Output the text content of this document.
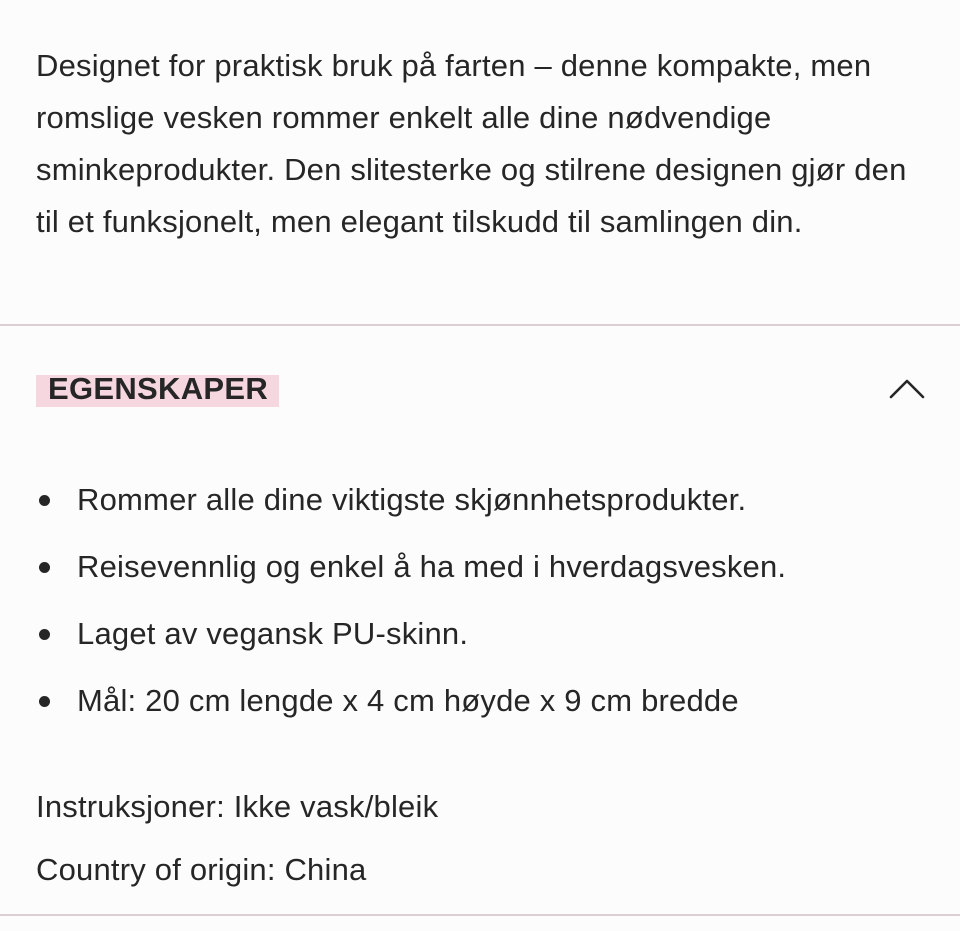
Designet for praktisk bruk på farten – denne kompakte, men romslige vesken rommer enkelt alle dine nødvendige sminkeprodukter. Den slitesterke og stilrene designen gjør den til et funksjonelt, men elegant tilskudd til samlingen din.

EGENSKAPER
Rommer alle dine viktigste skjønnhetsprodukter.
Reisevennlig og enkel å ha med i hverdagsvesken.
Laget av vegansk PU-skinn.
Mål: 20 cm lengde x 4 cm høyde x 9 cm bredde
Instruksjoner: Ikke vask/bleik
Country of origin: China
